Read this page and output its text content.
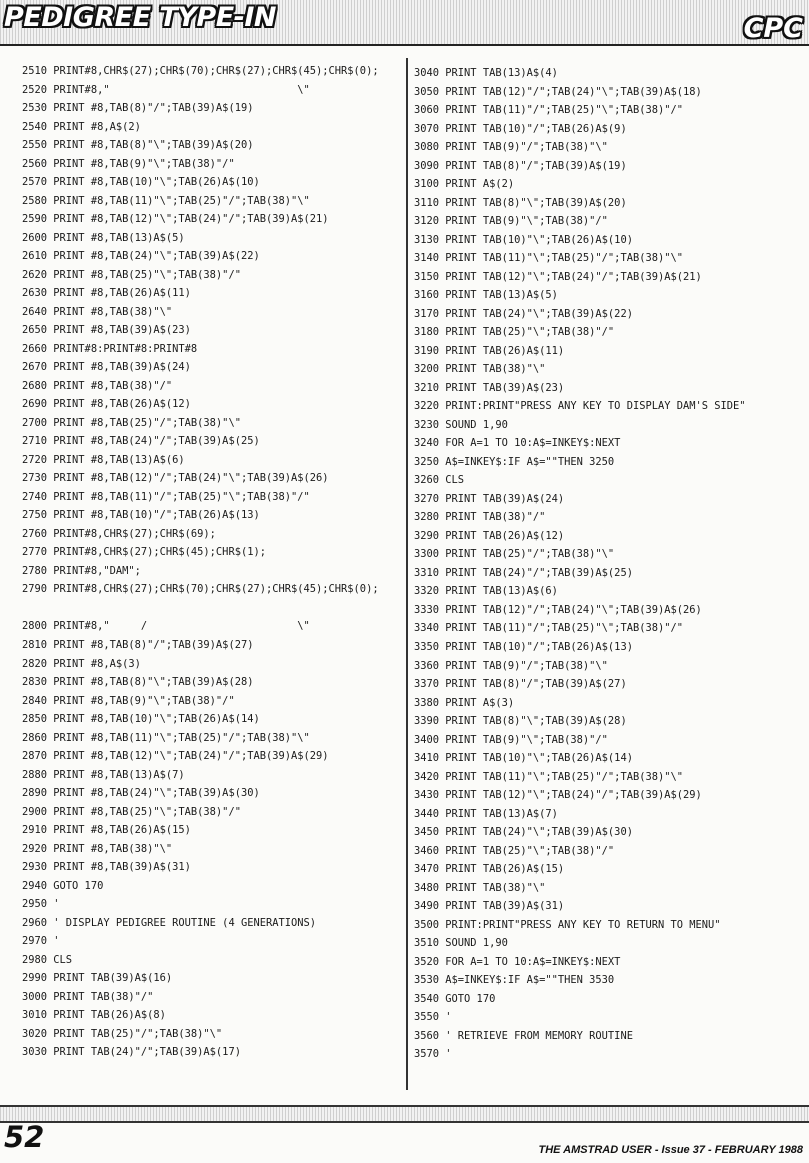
PEDIGREE TYPE-IN	CPC
2510 PRINT#8,CHR$(27);CHR$(70);CHR$(27);CHR$(45);CHR$(0);
2520 PRINT#8,"                              \"
2530 PRINT #8,TAB(8)"/";TAB(39)A$(19)
2540 PRINT #8,A$(2)
2550 PRINT #8,TAB(8)"\";TAB(39)A$(20)
2560 PRINT #8,TAB(9)"\";TAB(38)"/"
2570 PRINT #8,TAB(10)"\";TAB(26)A$(10)
2580 PRINT #8,TAB(11)"\";TAB(25)"/";TAB(38)"\"
2590 PRINT #8,TAB(12)"\";TAB(24)"/";TAB(39)A$(21)
2600 PRINT #8,TAB(13)A$(5)
2610 PRINT #8,TAB(24)"\";TAB(39)A$(22)
2620 PRINT #8,TAB(25)"\";TAB(38)"/"
2630 PRINT #8,TAB(26)A$(11)
2640 PRINT #8,TAB(38)"\"
2650 PRINT #8,TAB(39)A$(23)
2660 PRINT#8:PRINT#8:PRINT#8
2670 PRINT #8,TAB(39)A$(24)
2680 PRINT #8,TAB(38)"/"
2690 PRINT #8,TAB(26)A$(12)
2700 PRINT #8,TAB(25)"/";TAB(38)"\"
2710 PRINT #8,TAB(24)"/";TAB(39)A$(25)
2720 PRINT #8,TAB(13)A$(6)
2730 PRINT #8,TAB(12)"/";TAB(24)"\";TAB(39)A$(26)
2740 PRINT #8,TAB(11)"/";TAB(25)"\";TAB(38)"/"
2750 PRINT #8,TAB(10)"/";TAB(26)A$(13)
2760 PRINT#8,CHR$(27);CHR$(69);
2770 PRINT#8,CHR$(27);CHR$(45);CHR$(1);
2780 PRINT#8,"DAM";
2790 PRINT#8,CHR$(27);CHR$(70);CHR$(27);CHR$(45);CHR$(0);
2800 PRINT#8,"     /                        \"
2810 PRINT #8,TAB(8)"/";TAB(39)A$(27)
2820 PRINT #8,A$(3)
2830 PRINT #8,TAB(8)"\";TAB(39)A$(28)
2840 PRINT #8,TAB(9)"\";TAB(38)"/"
2850 PRINT #8,TAB(10)"\";TAB(26)A$(14)
2860 PRINT #8,TAB(11)"\";TAB(25)"/";TAB(38)"\"
2870 PRINT #8,TAB(12)"\";TAB(24)"/";TAB(39)A$(29)
2880 PRINT #8,TAB(13)A$(7)
2890 PRINT #8,TAB(24)"\";TAB(39)A$(30)
2900 PRINT #8,TAB(25)"\";TAB(38)"/"
2910 PRINT #8,TAB(26)A$(15)
2920 PRINT #8,TAB(38)"\"
2930 PRINT #8,TAB(39)A$(31)
2940 GOTO 170
2950 '
2960 ' DISPLAY PEDIGREE ROUTINE (4 GENERATIONS)
2970 '
2980 CLS
2990 PRINT TAB(39)A$(16)
3000 PRINT TAB(38)"/"
3010 PRINT TAB(26)A$(8)
3020 PRINT TAB(25)"/";TAB(38)"\"
3030 PRINT TAB(24)"/";TAB(39)A$(17)
3040 PRINT TAB(13)A$(4)
3050 PRINT TAB(12)"/";TAB(24)"\";TAB(39)A$(18)
3060 PRINT TAB(11)"/";TAB(25)"\";TAB(38)"/"
3070 PRINT TAB(10)"/";TAB(26)A$(9)
3080 PRINT TAB(9)"/";TAB(38)"\"
3090 PRINT TAB(8)"/";TAB(39)A$(19)
3100 PRINT A$(2)
3110 PRINT TAB(8)"\";TAB(39)A$(20)
3120 PRINT TAB(9)"\";TAB(38)"/"
3130 PRINT TAB(10)"\";TAB(26)A$(10)
3140 PRINT TAB(11)"\";TAB(25)"/";TAB(38)"\"
3150 PRINT TAB(12)"\";TAB(24)"/";TAB(39)A$(21)
3160 PRINT TAB(13)A$(5)
3170 PRINT TAB(24)"\";TAB(39)A$(22)
3180 PRINT TAB(25)"\";TAB(38)"/"
3190 PRINT TAB(26)A$(11)
3200 PRINT TAB(38)"\"
3210 PRINT TAB(39)A$(23)
3220 PRINT:PRINT"PRESS ANY KEY TO DISPLAY DAM'S SIDE"
3230 SOUND 1,90
3240 FOR A=1 TO 10:A$=INKEY$:NEXT
3250 A$=INKEY$:IF A$=""THEN 3250
3260 CLS
3270 PRINT TAB(39)A$(24)
3280 PRINT TAB(38)"/"
3290 PRINT TAB(26)A$(12)
3300 PRINT TAB(25)"/";TAB(38)"\"
3310 PRINT TAB(24)"/";TAB(39)A$(25)
3320 PRINT TAB(13)A$(6)
3330 PRINT TAB(12)"/";TAB(24)"\";TAB(39)A$(26)
3340 PRINT TAB(11)"/";TAB(25)"\";TAB(38)"/"
3350 PRINT TAB(10)"/";TAB(26)A$(13)
3360 PRINT TAB(9)"/";TAB(38)"\"
3370 PRINT TAB(8)"/";TAB(39)A$(27)
3380 PRINT A$(3)
3390 PRINT TAB(8)"\";TAB(39)A$(28)
3400 PRINT TAB(9)"\";TAB(38)"/"
3410 PRINT TAB(10)"\";TAB(26)A$(14)
3420 PRINT TAB(11)"\";TAB(25)"/";TAB(38)"\"
3430 PRINT TAB(12)"\";TAB(24)"/";TAB(39)A$(29)
3440 PRINT TAB(13)A$(7)
3450 PRINT TAB(24)"\";TAB(39)A$(30)
3460 PRINT TAB(25)"\";TAB(38)"/"
3470 PRINT TAB(26)A$(15)
3480 PRINT TAB(38)"\"
3490 PRINT TAB(39)A$(31)
3500 PRINT:PRINT"PRESS ANY KEY TO RETURN TO MENU"
3510 SOUND 1,90
3520 FOR A=1 TO 10:A$=INKEY$:NEXT
3530 A$=INKEY$:IF A$=""THEN 3530
3540 GOTO 170
3550 '
3560 ' RETRIEVE FROM MEMORY ROUTINE
3570 '
52	THE AMSTRAD USER - Issue 37 - FEBRUARY 1988
